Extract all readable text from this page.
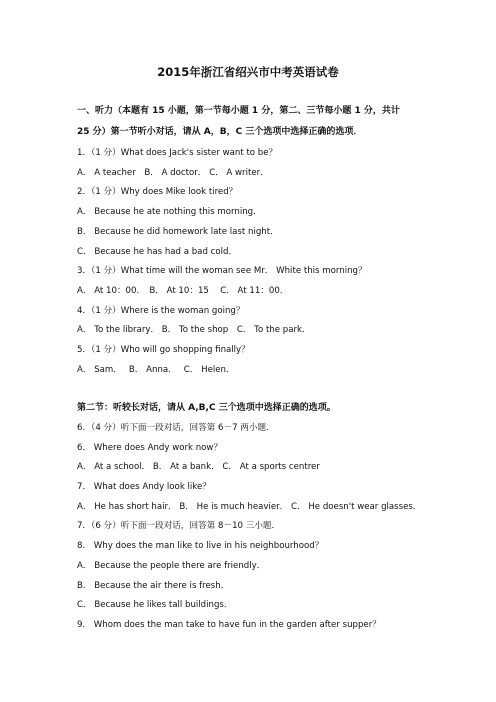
2015年浙江省绍兴市中考英语试卷
一、听力（本题有 15 小题，第一节每小题 1 分，第二、三节每小题 1 分，共计
25 分）第一节听小对话，请从 A，B，C 三个选项中选择正确的选项．
1．（1 分）What does Jack's sister want to be？
A． A teacher　B． A doctor． C． A writer．
2．（1 分）Why does Mike look tired？
A． Because he ate nothing this morning．
B． Because he did homework late last night．
C． Because he has had a bad cold．
3．（1 分）What time will the woman see Mr． White this morning？
A． At 10：00．　B． At 10：15　 C． At 11：00．
4．（1 分）Where is the woman going？
A． To the library． B． To the shop　C． To the park．
5．（1 分）Who will go shopping finally？
A． Sam．　 B． Anna．　 C． Helen．
第二节：听较长对话，请从 A,B,C 三个选项中选择正确的选项。
6．（4 分）听下面一段对话，回答第 6－7 两小题．
6． Where does Andy work now？
A． At a school． B． At a bank． C． At a sports centrer
7． What does Andy look like？
A． He has short hair． B． He is much heavier． C． He doesn't wear glasses．
7．（6 分）听下面一段对话，回答第 8－10 三小题．
8． Why does the man like to live in his neighbourhood？
A． Because the people there are friendly．
B． Because the air there is fresh．
C． Because he likes tall buildings．
9． Whom does the man take to have fun in the garden after supper？
